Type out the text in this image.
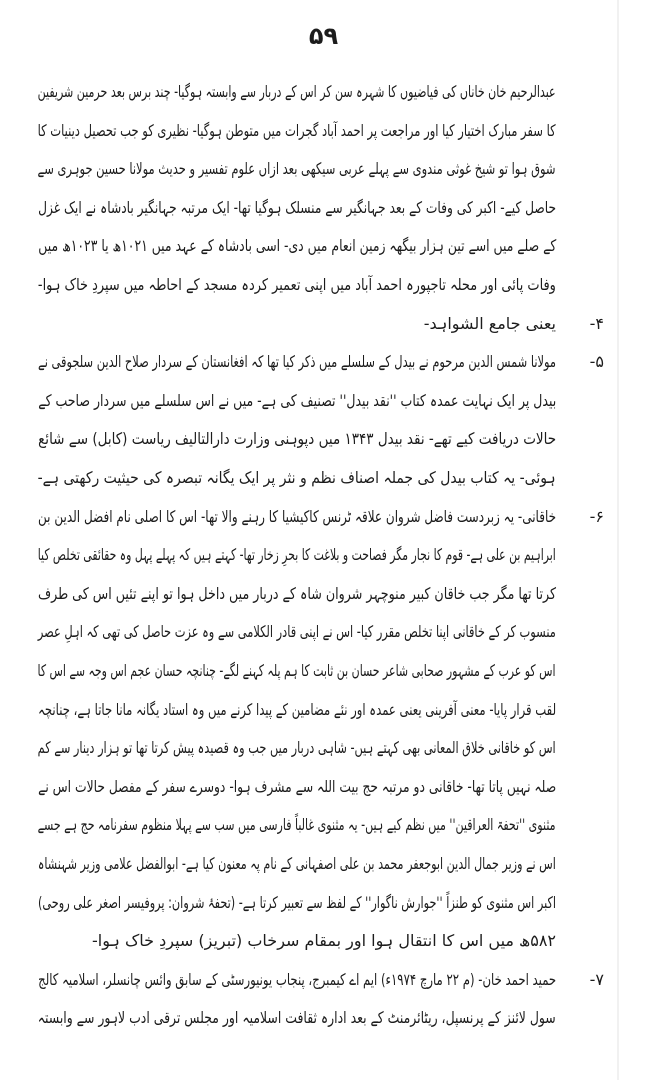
۵۹
عبدالرحیم خان خاناں کی فیاضیوں کا شہرہ سن کر اس کے دربار سے وابستہ ہوگیا- چند برس بعد حرمین شریفین
کا سفر مبارک اختیار کیا اور مراجعت پر احمد آباد گجرات میں متوطن ہوگیا- نظیری کو جب تحصیل دینیات کا
شوق ہوا تو شیخ غوثی مندوی سے پہلے عربی سیکھی بعد ازاں علوم تفسیر و حدیث مولانا حسین جوہری سے
حاصل کیے- اکبر کی وفات کے بعد جہانگیر سے منسلک ہوگیا تھا- ایک مرتبہ جہانگیر بادشاہ نے ایک غزل
کے صلے میں اسے تین ہزار بیگھہ زمین انعام میں دی- اسی بادشاہ کے عہد میں ۱۰۲۱ھ یا ۱۰۲۳ھ میں
وفات پائی اور محلہ تاجپورہ احمد آباد میں اپنی تعمیر کردہ مسجد کے احاطہ میں سپردِ خاک ہوا-
۴-
یعنی جامع الشواہد-
۵-
مولانا شمس الدین مرحوم نے بیدل کے سلسلے میں ذکر کیا تھا کہ افغانستان کے سردار صلاح الدین سلجوقی نے
بیدل پر ایک نہایت عمدہ کتاب ''نقد بیدل'' تصنیف کی ہے- میں نے اس سلسلے میں سردار صاحب کے
حالات دریافت کیے تھے- نقد بیدل ۱۳۴۳ میں دپوہنی وزارت دارالتالیف ریاست (کابل) سے شائع
ہوئی- یہ کتاب بیدل کی جملہ اصناف نظم و نثر پر ایک یگانہ تبصرہ کی حیثیت رکھتی ہے-
۶-
خاقانی- یہ زبردست فاضل شروان علاقہ ٹرنس کاکیشیا کا رہنے والا تھا- اس کا اصلی نام افضل الدین بن
ابراہیم بن علی ہے- قوم کا نجار مگر فصاحت و بلاغت کا بحرِ زخار تھا- کہتے ہیں کہ پہلے پہل وہ حقائقی تخلص کیا
کرتا تھا مگر جب خاقان کبیر منوچہر شروان شاہ کے دربار میں داخل ہوا تو اپنے تئیں اس کی طرف
منسوب کر کے خاقانی اپنا تخلص مقرر کیا- اس نے اپنی قادر الکلامی سے وہ عزت حاصل کی تھی کہ اہلِ عصر
اس کو عرب کے مشہور صحابی شاعر حسان بن ثابت کا ہم پلہ کہنے لگے- چنانچہ حسان عجم اس وجہ سے اس کا
لقب قرار پایا- معنی آفرینی یعنی عمدہ اور نئے مضامین کے پیدا کرنے میں وہ استاد یگانہ مانا جاتا ہے، چنانچہ
اس کو خاقانی خلاق المعانی بھی کہتے ہیں- شاہی دربار میں جب وہ قصیدہ پیش کرتا تھا تو ہزار دینار سے کم
صلہ نہیں پاتا تھا- خاقانی دو مرتبہ حج بیت اللہ سے مشرف ہوا- دوسرے سفر کے مفصل حالات اس نے
مثنوی ''تحفۃ العراقین'' میں نظم کیے ہیں- یہ مثنوی غالباً فارسی میں سب سے پہلا منظوم سفرنامہ حج ہے جسے
اس نے وزیر جمال الدین ابوجعفر محمد بن علی اصفہانی کے نام پہ معنون کیا ہے- ابوالفضل علامی وزیر شہنشاہ
اکبر اس مثنوی کو طنزاً ''جوارش ناگوار'' کے لفظ سے تعبیر کرتا ہے- (تحفۂ شروان: پروفیسر اصغر علی روحی)
۵۸۲ھ میں اس کا انتقال ہوا اور بمقام سرخاب (تبریز) سپردِ خاک ہوا-
۷-
حمید احمد خان- (م ۲۲ مارچ ۱۹۷۴ء) ایم اے کیمبرج، پنجاب یونیورسٹی کے سابق وائس چانسلر، اسلامیہ کالج
سول لائنز کے پرنسپل، ریٹائرمنٹ کے بعد ادارہ ثقافت اسلامیہ اور مجلس ترقی ادب لاہور سے وابستہ
